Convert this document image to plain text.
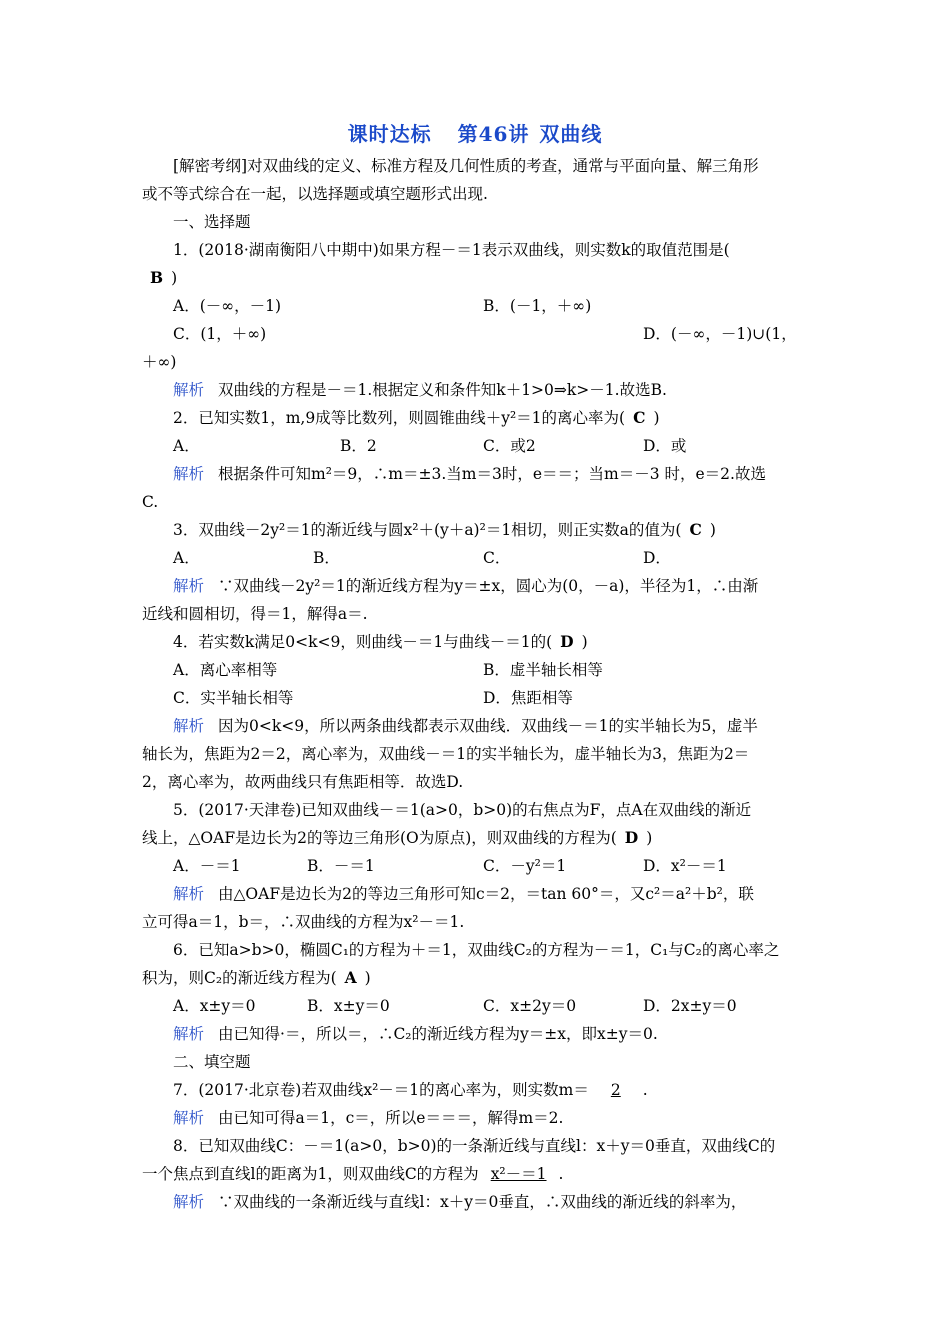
课时达标 第46讲 双曲线
[解密考纲]对双曲线的定义、标准方程及几何性质的考查，通常与平面向量、解三角形
或不等式综合在一起，以选择题或填空题形式出现.
一、选择题
1．(2018·湖南衡阳八中期中)如果方程－＝1表示双曲线，则实数k的取值范围是(
B )
A．(－∞，－1)	B．(－1，＋∞)
C．(1，＋∞)	D．(－∞，－1)∪(1，
＋∞)
解析 双曲线的方程是－＝1.根据定义和条件知k＋1>0⇒k>－1.故选B.
2．已知实数1，m,9成等比数列，则圆锥曲线＋y²＝1的离心率为( C )
A．	B．2	C．或2	D．或
解析 根据条件可知m²＝9，∴m＝±3.当m＝3时，e＝＝；当m＝－3 时，e＝2.故选
C.
3．双曲线－2y²＝1的渐近线与圆x²＋(y＋a)²＝1相切，则正实数a的值为( C )
A．	B．	C．	D．
解析 ∵双曲线－2y²＝1的渐近线方程为y＝±x，圆心为(0，－a)，半径为1，∴由渐
近线和圆相切，得＝1，解得a＝.
4．若实数k满足0<k<9，则曲线－＝1与曲线－＝1的( D )
A．离心率相等	B．虚半轴长相等
C．实半轴长相等	D．焦距相等
解析 因为0<k<9，所以两条曲线都表示双曲线．双曲线－＝1的实半轴长为5，虚半
轴长为，焦距为2＝2，离心率为，双曲线－＝1的实半轴长为，虚半轴长为3，焦距为2＝
2，离心率为，故两曲线只有焦距相等．故选D.
5．(2017·天津卷)已知双曲线－＝1(a>0，b>0)的右焦点为F，点A在双曲线的渐近
线上，△OAF是边长为2的等边三角形(O为原点)，则双曲线的方程为( D )
A．－＝1	B．－＝1	C．－y²＝1	D．x²－＝1
解析 由△OAF是边长为2的等边三角形可知c＝2，＝tan 60°＝，又c²＝a²＋b²，联
立可得a＝1，b＝，∴双曲线的方程为x²－＝1.
6．已知a>b>0，椭圆C₁的方程为＋＝1，双曲线C₂的方程为－＝1，C₁与C₂的离心率之
积为，则C₂的渐近线方程为( A )
A．x±y＝0	B．x±y＝0	C．x±2y＝0	D．2x±y＝0
解析 由已知得·＝，所以＝，∴C₂的渐近线方程为y＝±x，即x±y＝0.
二、填空题
7．(2017·北京卷)若双曲线x²－＝1的离心率为，则实数m＝ 2 .
解析 由已知可得a＝1，c＝，所以e＝＝＝，解得m＝2.
8．已知双曲线C：－＝1(a>0，b>0)的一条渐近线与直线l：x＋y＝0垂直，双曲线C的
一个焦点到直线l的距离为1，则双曲线C的方程为 x²－＝1 .
解析 ∵双曲线的一条渐近线与直线l：x＋y＝0垂直，∴双曲线的渐近线的斜率为，
